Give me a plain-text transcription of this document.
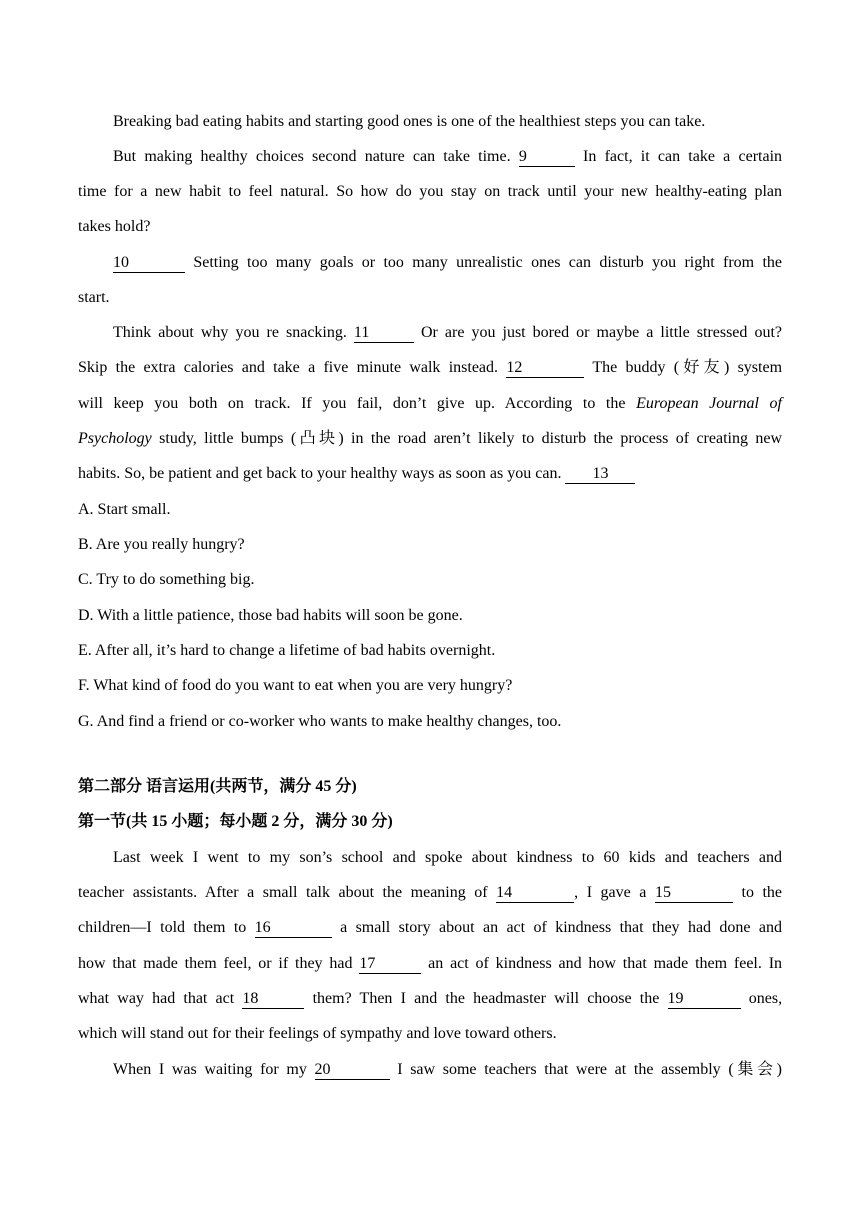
Breaking bad eating habits and starting good ones is one of the healthiest steps you can take.
But making healthy choices second nature can take time. 9	In fact, it can take a certain
time for a new habit to feel natural. So how do you stay on track until your new healthy-eating plan
takes hold?
10	Setting too many goals or too many unrealistic ones can disturb you right from the
start.
Think about why you re snacking. 11	Or are you just bored or maybe a little stressed out?
Skip the extra calories and take a five minute walk instead. 12	The buddy (好友) system
will keep you both on track. If you fail, don’t give up. According to the European Journal of
Psychology study, little bumps (凸块) in the road aren’t likely to disturb the process of creating new
habits. So, be patient and get back to your healthy ways as soon as you can. 13
A. Start small.
B. Are you really hungry?
C. Try to do something big.
D. With a little patience, those bad habits will soon be gone.
E. After all, it’s hard to change a lifetime of bad habits overnight.
F. What kind of food do you want to eat when you are very hungry?
G. And find a friend or co-worker who wants to make healthy changes, too.
第二部分 语言运用(共两节，满分 45 分)
第一节(共 15 小题；每小题 2 分，满分 30 分)
Last week I went to my son’s school and spoke about kindness to 60 kids and teachers and
teacher assistants. After a small talk about the meaning of 14	, I gave a 15	to the
children—I told them to 16	a small story about an act of kindness that they had done and
how that made them feel, or if they had 17	an act of kindness and how that made them feel. In
what way had that act 18	them? Then I and the headmaster will choose the 19	ones,
which will stand out for their feelings of sympathy and love toward others.
When I was waiting for my 20	I saw some teachers that were at the assembly (集会)
